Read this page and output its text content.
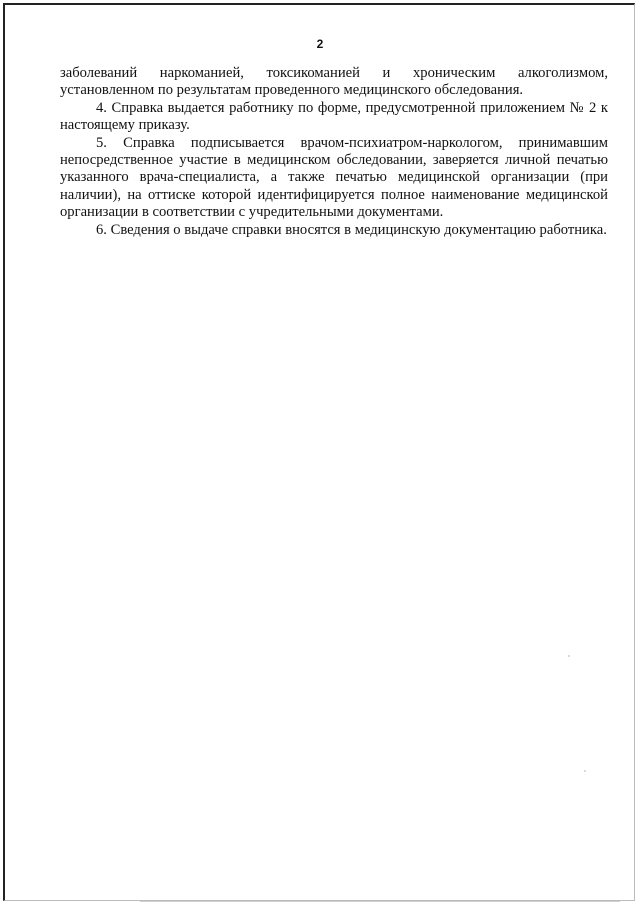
2

заболеваний наркоманией, токсикоманией и хроническим алкоголизмом, установленном по результатам проведенного медицинского обследования.

4. Справка выдается работнику по форме, предусмотренной приложением № 2 к настоящему приказу.

5. Справка подписывается врачом-психиатром-наркологом, принимавшим непосредственное участие в медицинском обследовании, заверяется личной печатью указанного врача-специалиста, а также печатью медицинской организации (при наличии), на оттиске которой идентифицируется полное наименование медицинской организации в соответствии с учредительными документами.

6. Сведения о выдаче справки вносятся в медицинскую документацию работника.
